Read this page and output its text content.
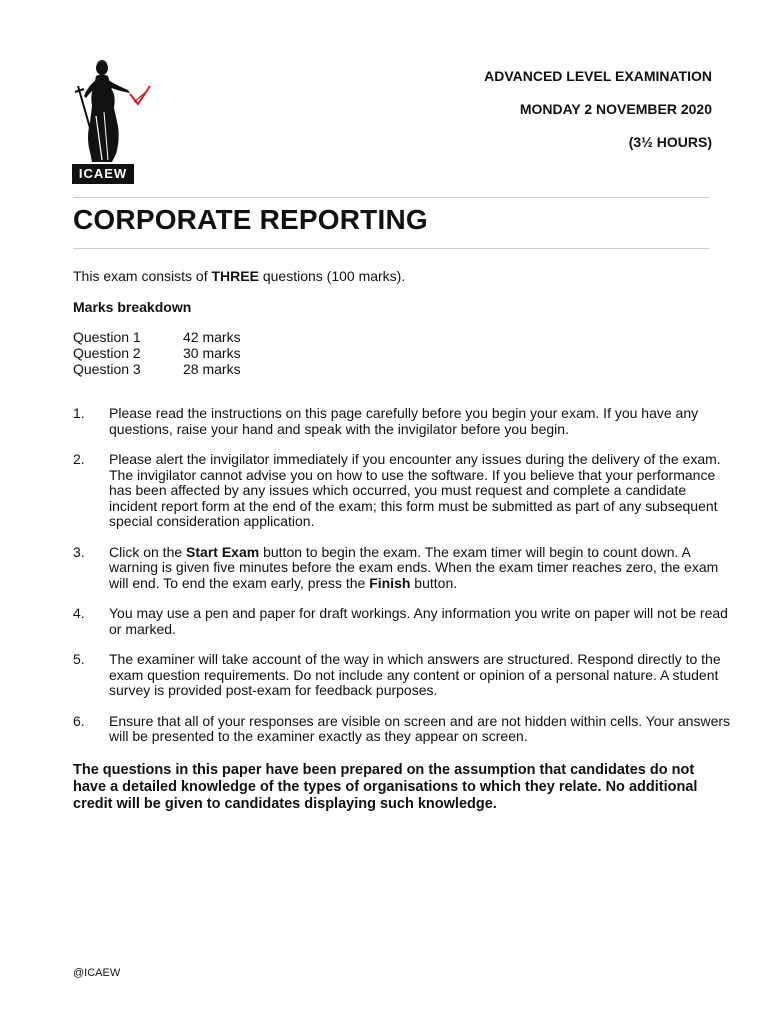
ICAEW
ADVANCED LEVEL EXAMINATION
MONDAY 2 NOVEMBER 2020
(3½ HOURS)
CORPORATE REPORTING
This exam consists of THREE questions (100 marks).
Marks breakdown
Question 1	42 marks
Question 2	30 marks
Question 3	28 marks
1.	Please read the instructions on this page carefully before you begin your exam. If you have any questions, raise your hand and speak with the invigilator before you begin.
2.	Please alert the invigilator immediately if you encounter any issues during the delivery of the exam. The invigilator cannot advise you on how to use the software. If you believe that your performance has been affected by any issues which occurred, you must request and complete a candidate incident report form at the end of the exam; this form must be submitted as part of any subsequent special consideration application.
3.	Click on the Start Exam button to begin the exam. The exam timer will begin to count down. A warning is given five minutes before the exam ends. When the exam timer reaches zero, the exam will end. To end the exam early, press the Finish button.
4.	You may use a pen and paper for draft workings. Any information you write on paper will not be read or marked.
5.	The examiner will take account of the way in which answers are structured. Respond directly to the exam question requirements. Do not include any content or opinion of a personal nature. A student survey is provided post-exam for feedback purposes.
6.	Ensure that all of your responses are visible on screen and are not hidden within cells. Your answers will be presented to the examiner exactly as they appear on screen.
The questions in this paper have been prepared on the assumption that candidates do not have a detailed knowledge of the types of organisations to which they relate. No additional credit will be given to candidates displaying such knowledge.
@ICAEW
